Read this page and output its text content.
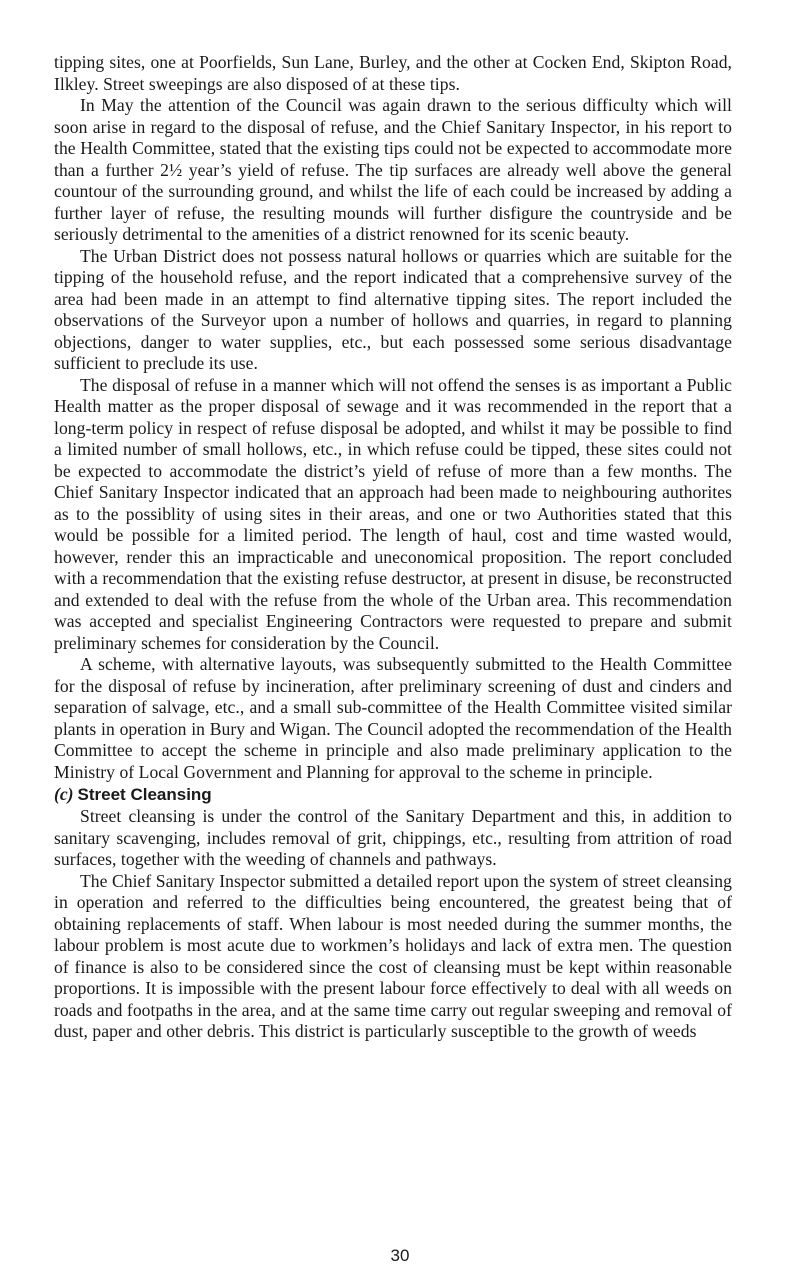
tipping sites, one at Poorfields, Sun Lane, Burley, and the other at Cocken End, Skipton Road, Ilkley. Street sweepings are also disposed of at these tips.

In May the attention of the Council was again drawn to the serious difficulty which will soon arise in regard to the disposal of refuse, and the Chief Sanitary Inspector, in his report to the Health Committee, stated that the existing tips could not be expected to accommodate more than a further 2½ year’s yield of refuse. The tip surfaces are already well above the general countour of the surrounding ground, and whilst the life of each could be increased by adding a further layer of refuse, the resulting mounds will further disfigure the countryside and be seriously detrimental to the amenities of a district renowned for its scenic beauty.

The Urban District does not possess natural hollows or quarries which are suitable for the tipping of the household refuse, and the report indicated that a comprehensive survey of the area had been made in an attempt to find alternative tipping sites. The report included the observations of the Surveyor upon a number of hollows and quarries, in regard to planning objections, danger to water supplies, etc., but each possessed some serious disadvantage sufficient to preclude its use.

The disposal of refuse in a manner which will not offend the senses is as important a Public Health matter as the proper disposal of sewage and it was recommended in the report that a long-term policy in respect of refuse disposal be adopted, and whilst it may be possible to find a limited number of small hollows, etc., in which refuse could be tipped, these sites could not be expected to accommodate the district’s yield of refuse of more than a few months. The Chief Sanitary Inspector indicated that an approach had been made to neighbouring authorites as to the possiblity of using sites in their areas, and one or two Authorities stated that this would be possible for a limited period. The length of haul, cost and time wasted would, however, render this an impracticable and uneconomical proposition. The report concluded with a recommendation that the existing refuse destructor, at present in disuse, be reconstructed and extended to deal with the refuse from the whole of the Urban area. This recommendation was accepted and specialist Engineering Contractors were requested to prepare and submit preliminary schemes for consideration by the Council.

A scheme, with alternative layouts, was subsequently submitted to the Health Committee for the disposal of refuse by incineration, after preliminary screening of dust and cinders and separation of salvage, etc., and a small sub-committee of the Health Committee visited similar plants in operation in Bury and Wigan. The Council adopted the recommendation of the Health Committee to accept the scheme in principle and also made preliminary application to the Ministry of Local Government and Planning for approval to the scheme in principle.

(c) Street Cleansing

Street cleansing is under the control of the Sanitary Department and this, in addition to sanitary scavenging, includes removal of grit, chippings, etc., resulting from attrition of road surfaces, together with the weeding of channels and pathways.

The Chief Sanitary Inspector submitted a detailed report upon the system of street cleansing in operation and referred to the difficulties being encountered, the greatest being that of obtaining replacements of staff. When labour is most needed during the summer months, the labour problem is most acute due to workmen’s holidays and lack of extra men. The question of finance is also to be considered since the cost of cleansing must be kept within reasonable proportions. It is impossible with the present labour force effectively to deal with all weeds on roads and footpaths in the area, and at the same time carry out regular sweeping and removal of dust, paper and other debris. This district is particularly susceptible to the growth of weeds

30
